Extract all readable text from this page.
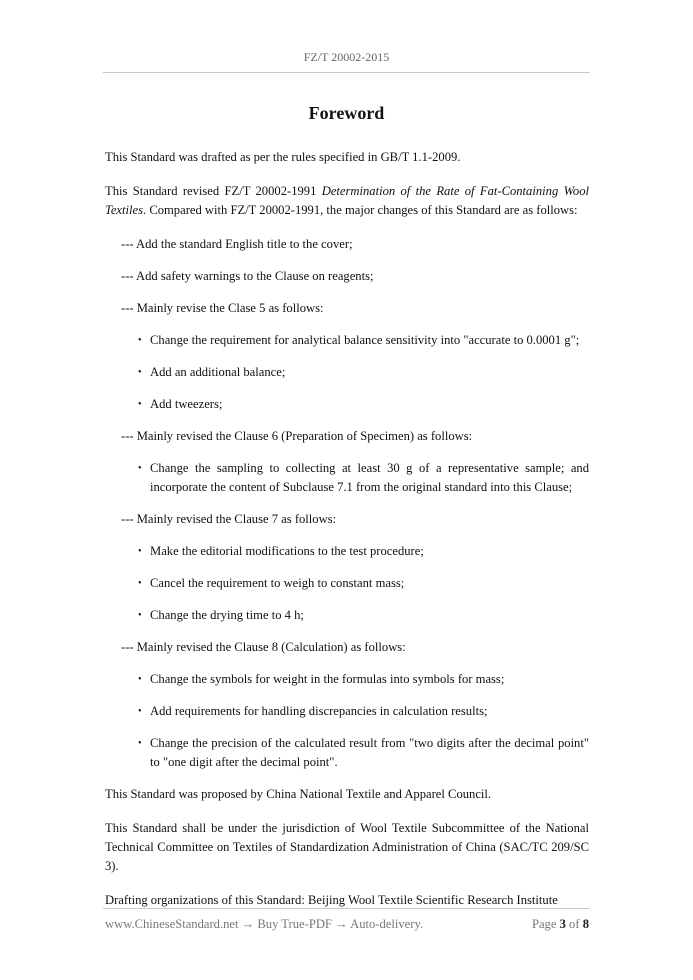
FZ/T 20002-2015
Foreword

This Standard was drafted as per the rules specified in GB/T 1.1-2009.

This Standard revised FZ/T 20002-1991 Determination of the Rate of Fat-Containing Wool Textiles. Compared with FZ/T 20002-1991, the major changes of this Standard are as follows:

--- Add the standard English title to the cover;

--- Add safety warnings to the Clause on reagents;

--- Mainly revise the Clase 5 as follows:

• Change the requirement for analytical balance sensitivity into "accurate to 0.0001 g";
• Add an additional balance;
• Add tweezers;

--- Mainly revised the Clause 6 (Preparation of Specimen) as follows:

• Change the sampling to collecting at least 30 g of a representative sample; and incorporate the content of Subclause 7.1 from the original standard into this Clause;

--- Mainly revised the Clause 7 as follows:

• Make the editorial modifications to the test procedure;
• Cancel the requirement to weigh to constant mass;
• Change the drying time to 4 h;

--- Mainly revised the Clause 8 (Calculation) as follows:

• Change the symbols for weight in the formulas into symbols for mass;
• Add requirements for handling discrepancies in calculation results;
• Change the precision of the calculated result from "two digits after the decimal point" to "one digit after the decimal point".

This Standard was proposed by China National Textile and Apparel Council.

This Standard shall be under the jurisdiction of Wool Textile Subcommittee of the National Technical Committee on Textiles of Standardization Administration of China (SAC/TC 209/SC 3).

Drafting organizations of this Standard: Beijing Wool Textile Scientific Research Institute

www.ChineseStandard.net → Buy True-PDF → Auto-delivery.	Page 3 of 8
